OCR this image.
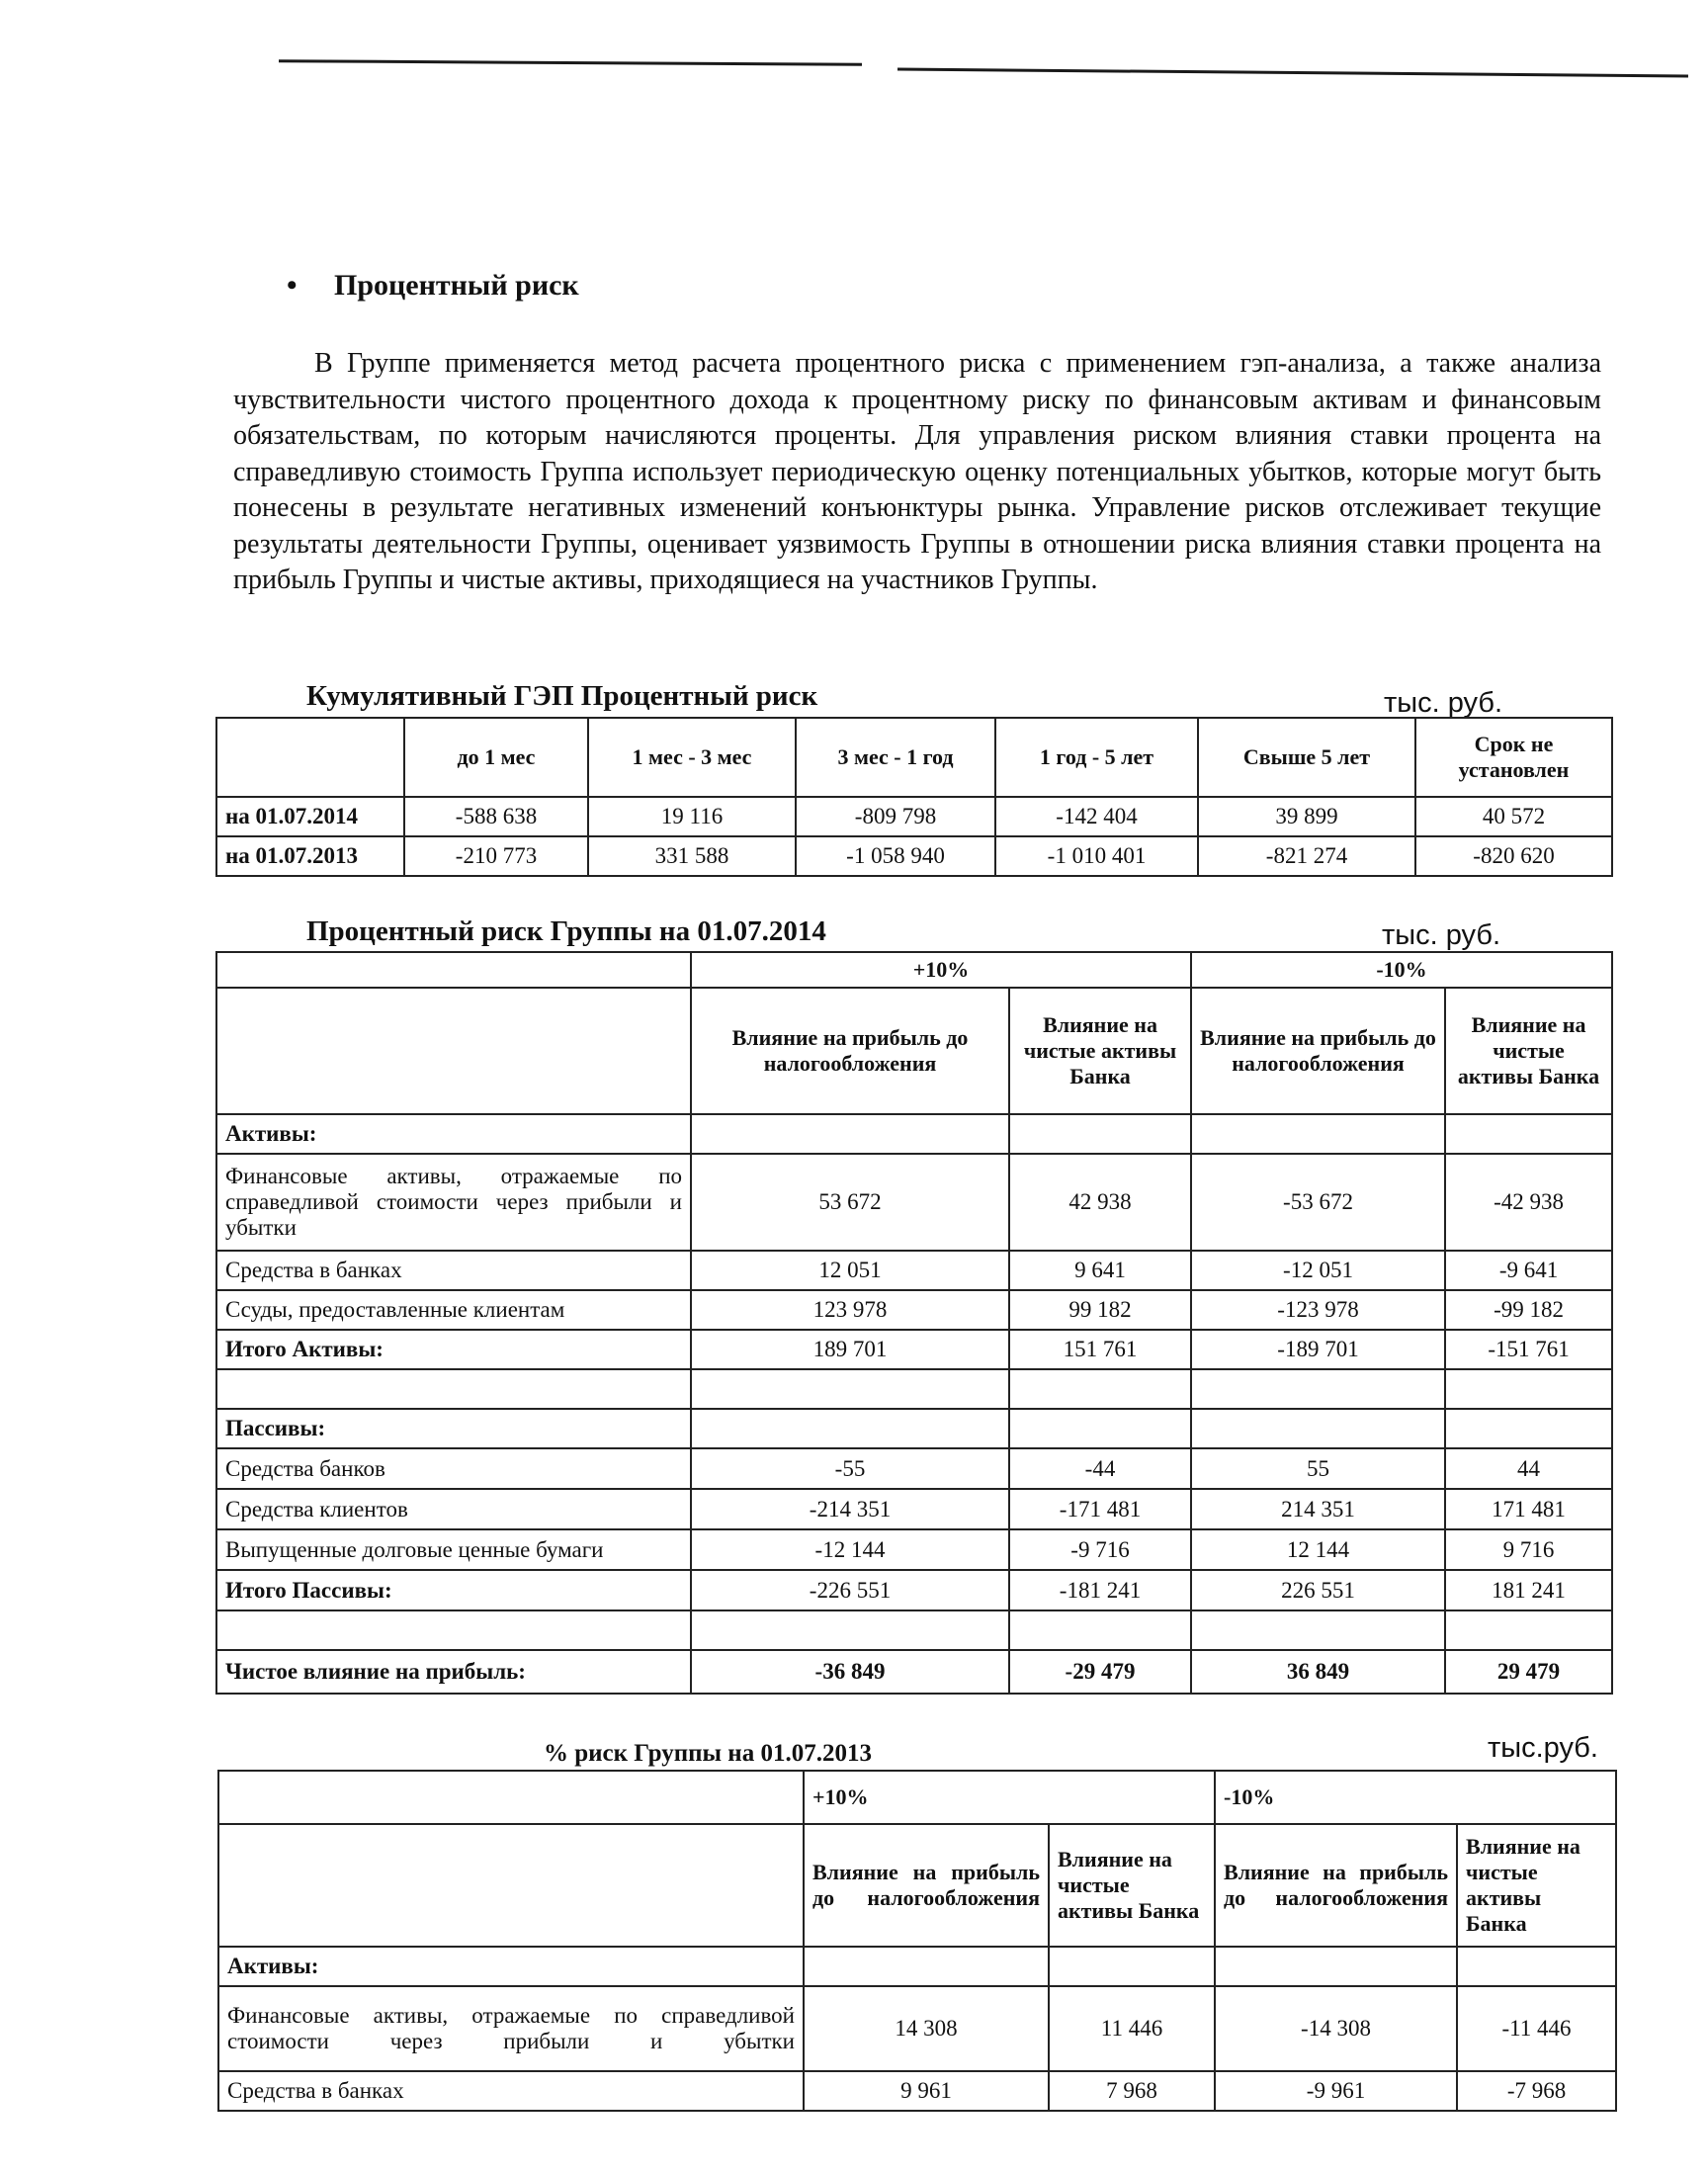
• Процентный риск
В Группе применяется метод расчета процентного риска с применением гэп-анализа, а также анализа чувствительности чистого процентного дохода к процентному риску по финансовым активам и финансовым обязательствам, по которым начисляются проценты. Для управления риском влияния ставки процента на справедливую стоимость Группа использует периодическую оценку потенциальных убытков, которые могут быть понесены в результате негативных изменений конъюнктуры рынка. Управление рисков отслеживает текущие результаты деятельности Группы, оценивает уязвимость Группы в отношении риска влияния ставки процента на прибыль Группы и чистые активы, приходящиеся на участников Группы.
Кумулятивный ГЭП Процентный риск	тыс. руб.
	до 1 мес	1 мес - 3 мес	3 мес - 1 год	1 год - 5 лет	Свыше 5 лет	Срок не установлен
на 01.07.2014	-588 638	19 116	-809 798	-142 404	39 899	40 572
на 01.07.2013	-210 773	331 588	-1 058 940	-1 010 401	-821 274	-820 620
Процентный риск Группы на 01.07.2014	тыс. руб.
	+10%		-10%	
	Влияние на прибыль до налогообложения	Влияние на чистые активы Банка	Влияние на прибыль до налогообложения	Влияние на чистые активы Банка
Активы:				
Финансовые активы, отражаемые по справедливой стоимости через прибыли и убытки	53 672	42 938	-53 672	-42 938
Средства в банках	12 051	9 641	-12 051	-9 641
Ссуды, предоставленные клиентам	123 978	99 182	-123 978	-99 182
Итого Активы:	189 701	151 761	-189 701	-151 761

Пассивы:				
Средства банков	-55	-44	55	44
Средства клиентов	-214 351	-171 481	214 351	171 481
Выпущенные долговые ценные бумаги	-12 144	-9 716	12 144	9 716
Итого Пассивы:	-226 551	-181 241	226 551	181 241

Чистое влияние на прибыль:	-36 849	-29 479	36 849	29 479
% риск Группы на 01.07.2013	тыс.руб.
	+10%		-10%	
	Влияние на прибыль до налогообложения	Влияние на чистые активы Банка	Влияние на прибыль до налогообложения	Влияние на чистые активы Банка
Активы:				
Финансовые активы, отражаемые по справедливой стоимости через прибыли и убытки	14 308	11 446	-14 308	-11 446
Средства в банках	9 961	7 968	-9 961	-7 968
